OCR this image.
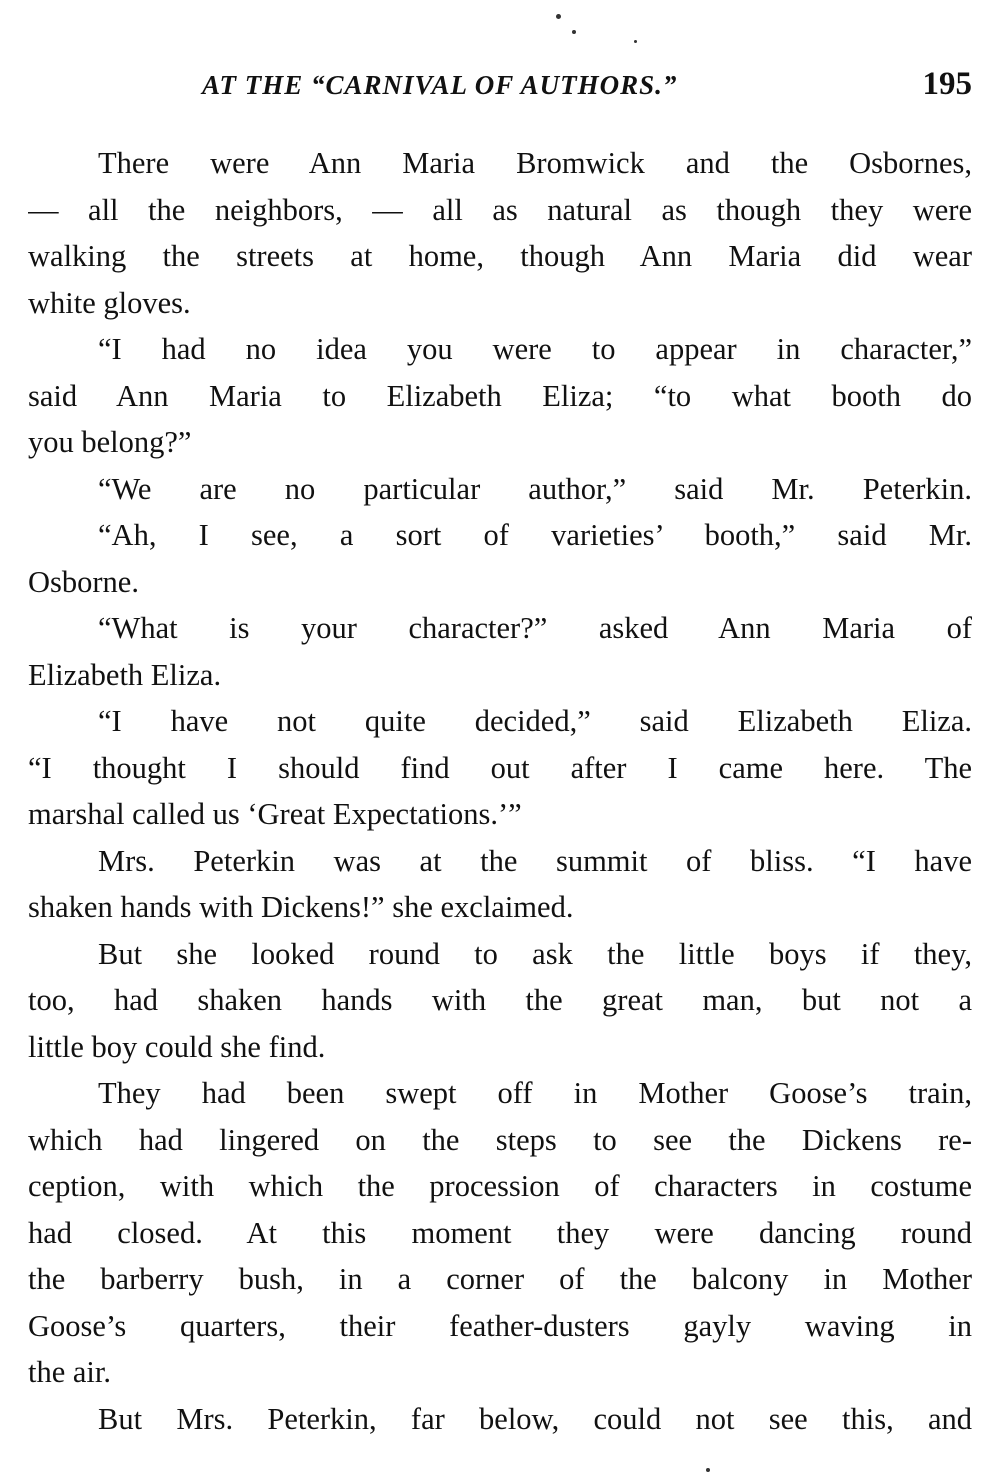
AT THE “CARNIVAL OF AUTHORS.”	195
There were Ann Maria Bromwick and the Osbornes,
— all the neighbors, — all as natural as though they were
walking the streets at home, though Ann Maria did wear
white gloves.
“I had no idea you were to appear in character,”
said Ann Maria to Elizabeth Eliza; “to what booth do
you belong?”
“We are no particular author,” said Mr. Peterkin.
“Ah, I see, a sort of varieties’ booth,” said Mr.
Osborne.
“What is your character?” asked Ann Maria of
Elizabeth Eliza.
“I have not quite decided,” said Elizabeth Eliza.
“I thought I should find out after I came here. The
marshal called us ‘Great Expectations.’”
Mrs. Peterkin was at the summit of bliss. “I have
shaken hands with Dickens!” she exclaimed.
But she looked round to ask the little boys if they,
too, had shaken hands with the great man, but not a
little boy could she find.
They had been swept off in Mother Goose’s train,
which had lingered on the steps to see the Dickens re-
ception, with which the procession of characters in costume
had closed. At this moment they were dancing round
the barberry bush, in a corner of the balcony in Mother
Goose’s quarters, their feather-dusters gayly waving in
the air.
But Mrs. Peterkin, far below, could not see this, and
